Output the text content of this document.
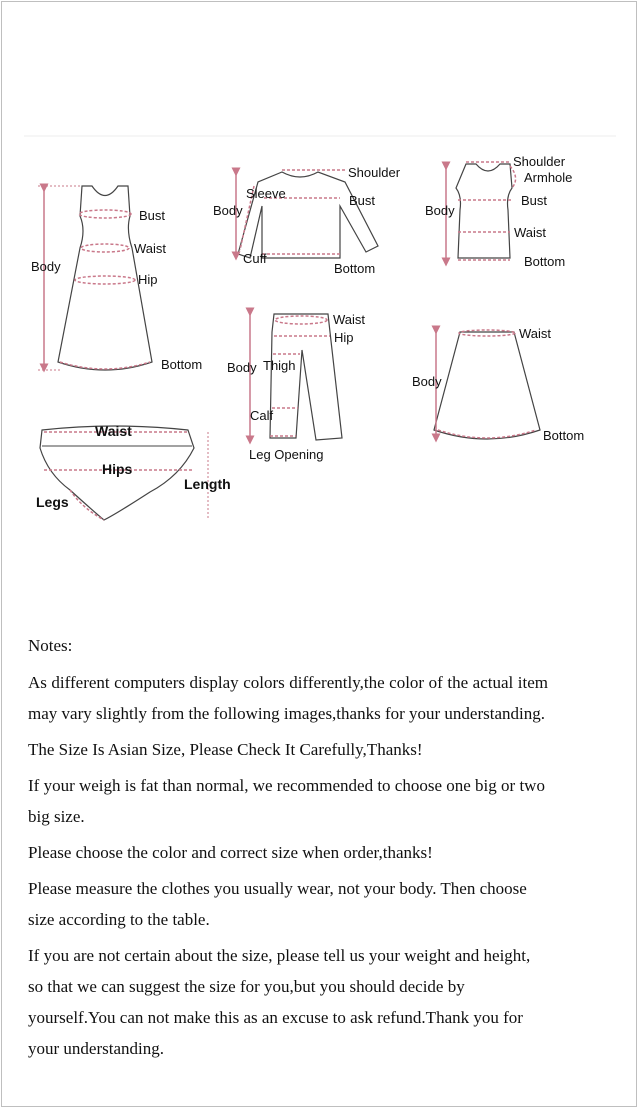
Bust
Waist
Hip
Body
Bottom
Shoulder
Sleeve
Body
Bust
Cuff
Bottom
Shoulder
Armhole
Body
Bust
Waist
Bottom
Waist
Hip
Body Thigh
Calf
Leg Opening
Waist
Body
Bottom
Waist
Hips
Length
Legs

Notes:

As different computers display colors differently,the color of the actual item may vary slightly from the following images,thanks for your understanding.

The Size Is Asian Size, Please Check It Carefully,Thanks!

If your weigh is fat than normal, we recommended to choose one big or two big size.

Please choose the color and correct size when order,thanks!

Please measure the clothes you usually wear, not your body. Then choose size according to the table.

If you are not certain about the size, please tell us your weight and height, so that we can suggest the size for you,but you should decide by yourself.You can not make this as an excuse to ask refund.Thank you for your understanding.
